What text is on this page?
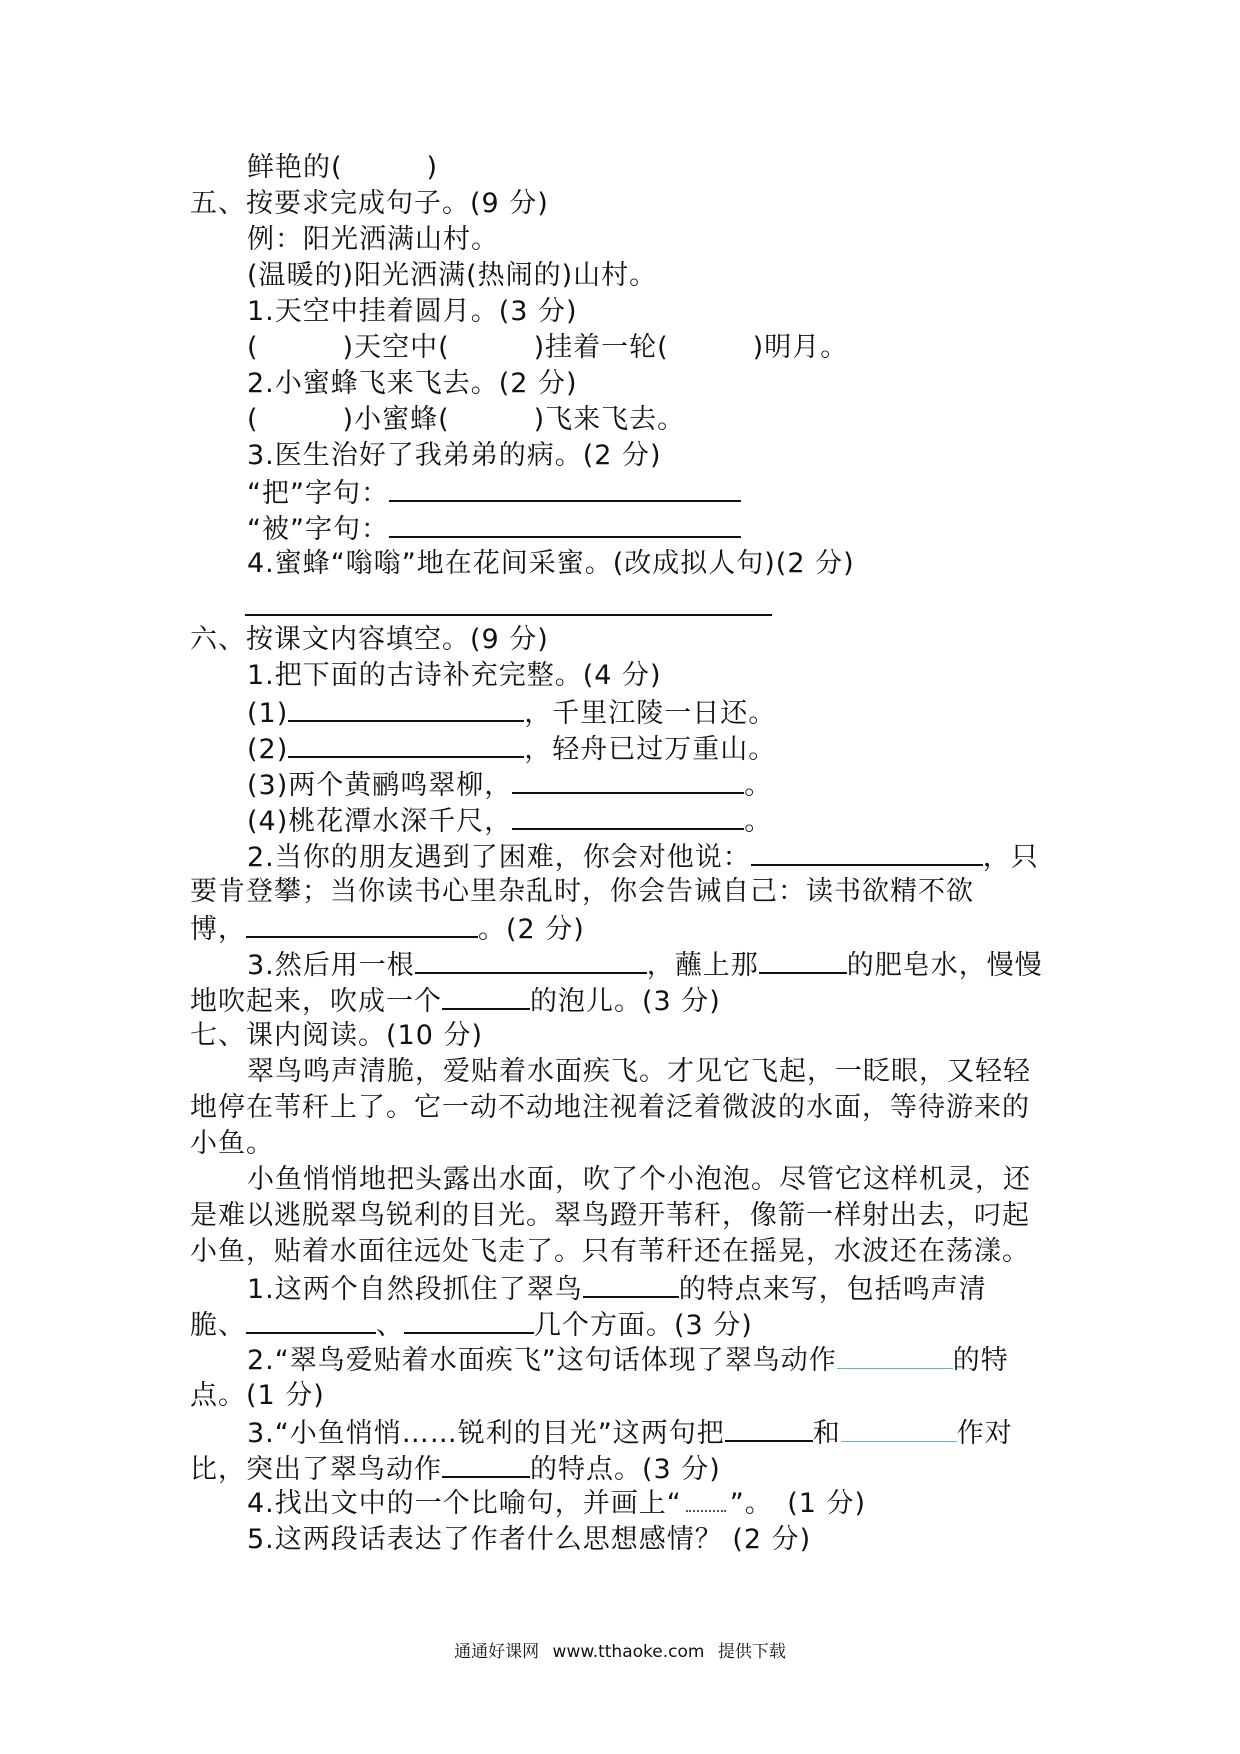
鲜艳的(　　　)
五、按要求完成句子。(9 分)
例：阳光洒满山村。
(温暖的)阳光洒满(热闹的)山村。
1.天空中挂着圆月。(3 分)
(　　　)天空中(　　　)挂着一轮(　　　)明月。
2.小蜜蜂飞来飞去。(2 分)
(　　　)小蜜蜂(　　　)飞来飞去。
3.医生治好了我弟弟的病。(2 分)
“把”字句：
“被”字句：
4.蜜蜂“嗡嗡”地在花间采蜜。(改成拟人句)(2 分)
六、按课文内容填空。(9 分)
1.把下面的古诗补充完整。(4 分)
(1)	，千里江陵一日还。
(2)	，轻舟已过万重山。
(3)两个黄鹂鸣翠柳，	。
(4)桃花潭水深千尺，	。
2.当你的朋友遇到了困难，你会对他说：	，只
要肯登攀；当你读书心里杂乱时，你会告诫自己：读书欲精不欲
博，	。(2 分)
3.然后用一根	，蘸上那	的肥皂水，慢慢
地吹起来，吹成一个	的泡儿。(3 分)
七、课内阅读。(10 分)
翠鸟鸣声清脆，爱贴着水面疾飞。才见它飞起，一眨眼，又轻轻
地停在苇秆上了。它一动不动地注视着泛着微波的水面，等待游来的
小鱼。
小鱼悄悄地把头露出水面，吹了个小泡泡。尽管它这样机灵，还
是难以逃脱翠鸟锐利的目光。翠鸟蹬开苇秆，像箭一样射出去，叼起
小鱼，贴着水面往远处飞走了。只有苇秆还在摇晃，水波还在荡漾。
1.这两个自然段抓住了翠鸟	的特点来写，包括鸣声清
脆、	、	几个方面。(3 分)
2.“翠鸟爱贴着水面疾飞”这句话体现了翠鸟动作	的特
点。(1 分)
3.“小鱼悄悄……锐利的目光”这两句把	和	作对
比，突出了翠鸟动作	的特点。(3 分)
4.找出文中的一个比喻句，并画上“ ”。　(1 分)
5.这两段话表达了作者什么思想感情？ (2 分)
通通好课网 www.tthaoke.com 提供下载
